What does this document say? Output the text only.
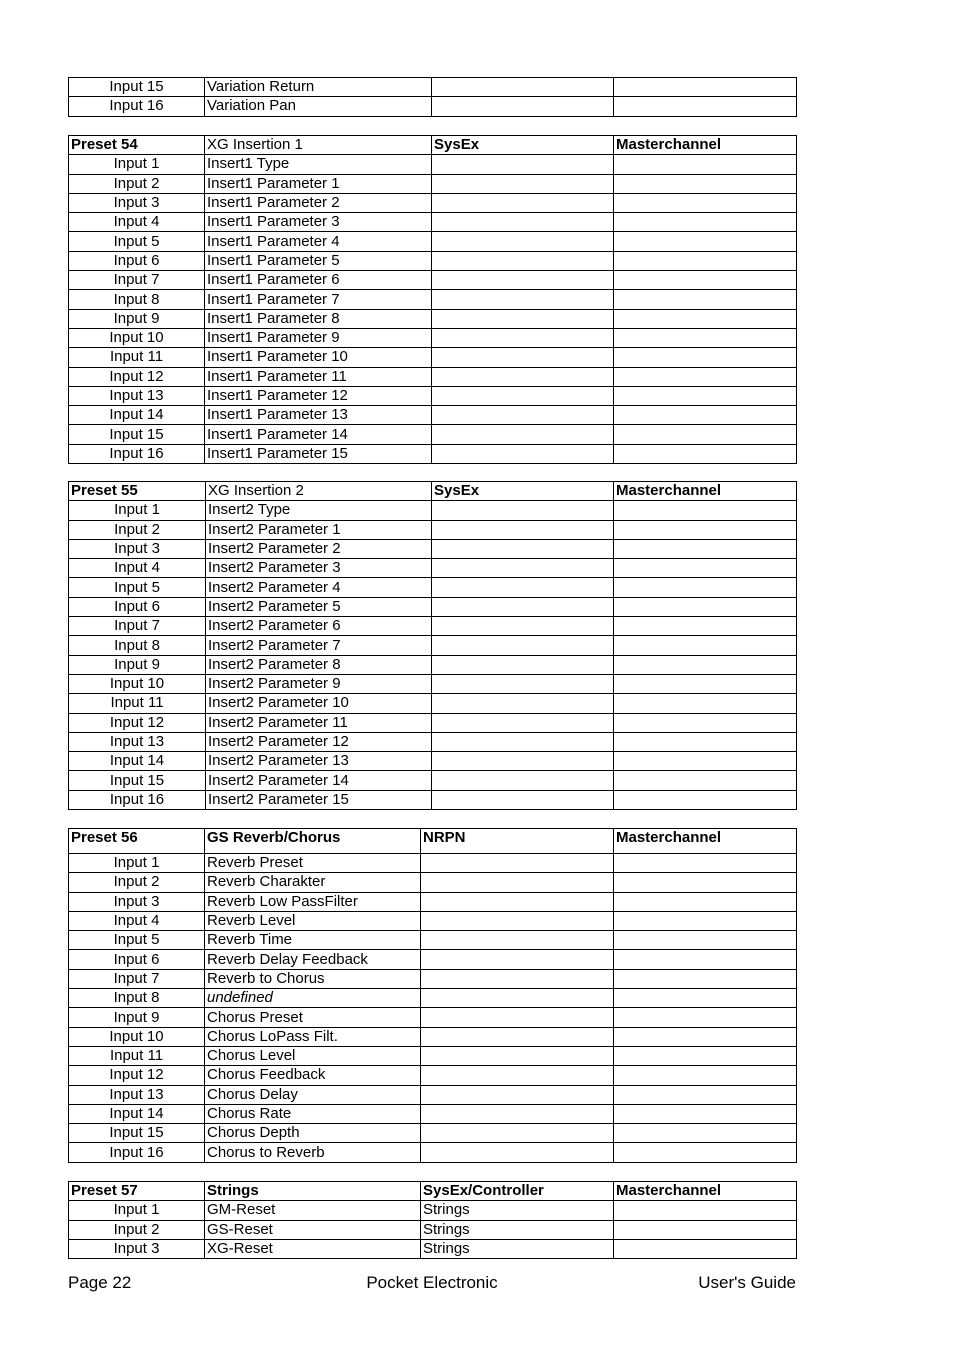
Input 15	Variation Return		
Input 16	Variation Pan		
Preset 54	XG Insertion 1	SysEx	Masterchannel
Input 1	Insert1 Type		
Input 2	Insert1 Parameter 1		
Input 3	Insert1 Parameter 2		
Input 4	Insert1 Parameter 3		
Input 5	Insert1 Parameter 4		
Input 6	Insert1 Parameter 5		
Input 7	Insert1 Parameter 6		
Input 8	Insert1 Parameter 7		
Input 9	Insert1 Parameter 8		
Input 10	Insert1 Parameter 9		
Input 11	Insert1 Parameter 10		
Input 12	Insert1 Parameter 11		
Input 13	Insert1 Parameter 12		
Input 14	Insert1 Parameter 13		
Input 15	Insert1 Parameter 14		
Input 16	Insert1 Parameter 15		
Preset 55	XG Insertion 2	SysEx	Masterchannel
Input 1	Insert2 Type		
Input 2	Insert2 Parameter 1		
Input 3	Insert2 Parameter 2		
Input 4	Insert2 Parameter 3		
Input 5	Insert2 Parameter 4		
Input 6	Insert2 Parameter 5		
Input 7	Insert2 Parameter 6		
Input 8	Insert2 Parameter 7		
Input 9	Insert2 Parameter 8		
Input 10	Insert2 Parameter 9		
Input 11	Insert2 Parameter 10		
Input 12	Insert2 Parameter 11		
Input 13	Insert2 Parameter 12		
Input 14	Insert2 Parameter 13		
Input 15	Insert2 Parameter 14		
Input 16	Insert2 Parameter 15		
Preset 56	GS Reverb/Chorus	NRPN	Masterchannel
Input 1	Reverb Preset		
Input 2	Reverb Charakter		
Input 3	Reverb Low PassFilter		
Input 4	Reverb Level		
Input 5	Reverb Time		
Input 6	Reverb Delay Feedback		
Input 7	Reverb to Chorus		
Input 8	undefined		
Input 9	Chorus Preset		
Input 10	Chorus LoPass Filt.		
Input 11	Chorus Level		
Input 12	Chorus Feedback		
Input 13	Chorus Delay		
Input 14	Chorus Rate		
Input 15	Chorus Depth		
Input 16	Chorus to Reverb		
Preset 57	Strings	SysEx/Controller	Masterchannel
Input 1	GM-Reset	Strings	
Input 2	GS-Reset	Strings	
Input 3	XG-Reset	Strings	
Page 22	Pocket Electronic	User's Guide
